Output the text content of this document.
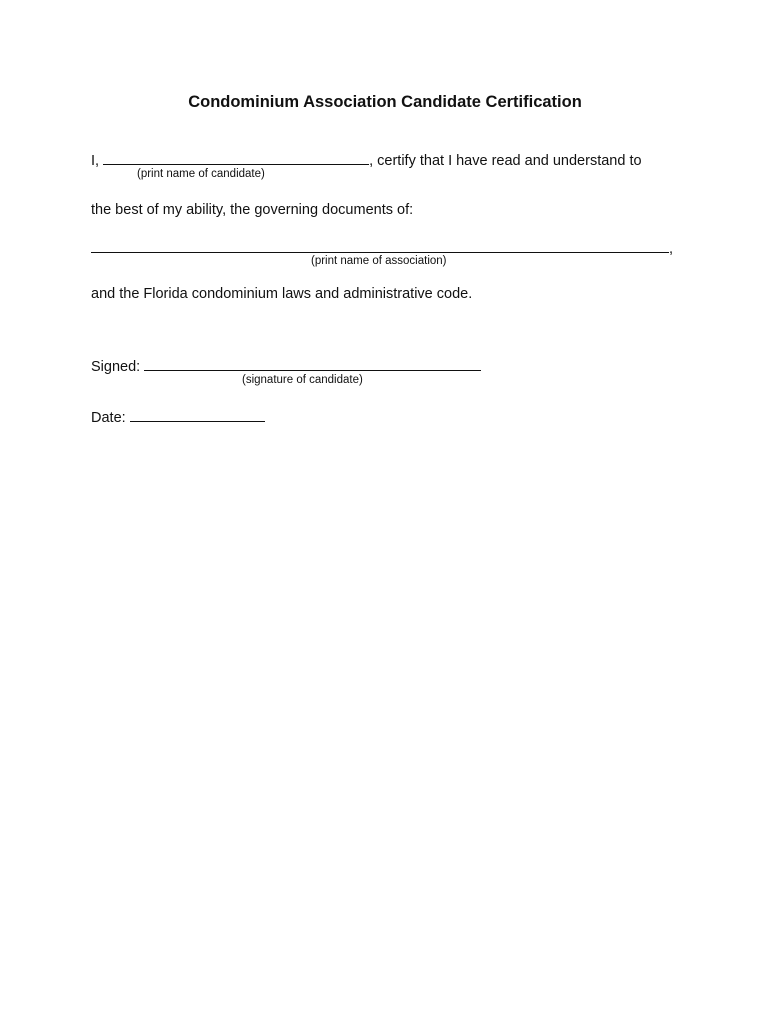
Condominium Association Candidate Certification
I,	, certify that I have read and understand to
(print name of candidate)
the best of my ability, the governing documents of:
,
(print name of association)
and the Florida condominium laws and administrative code.
Signed:
(signature of candidate)
Date:
